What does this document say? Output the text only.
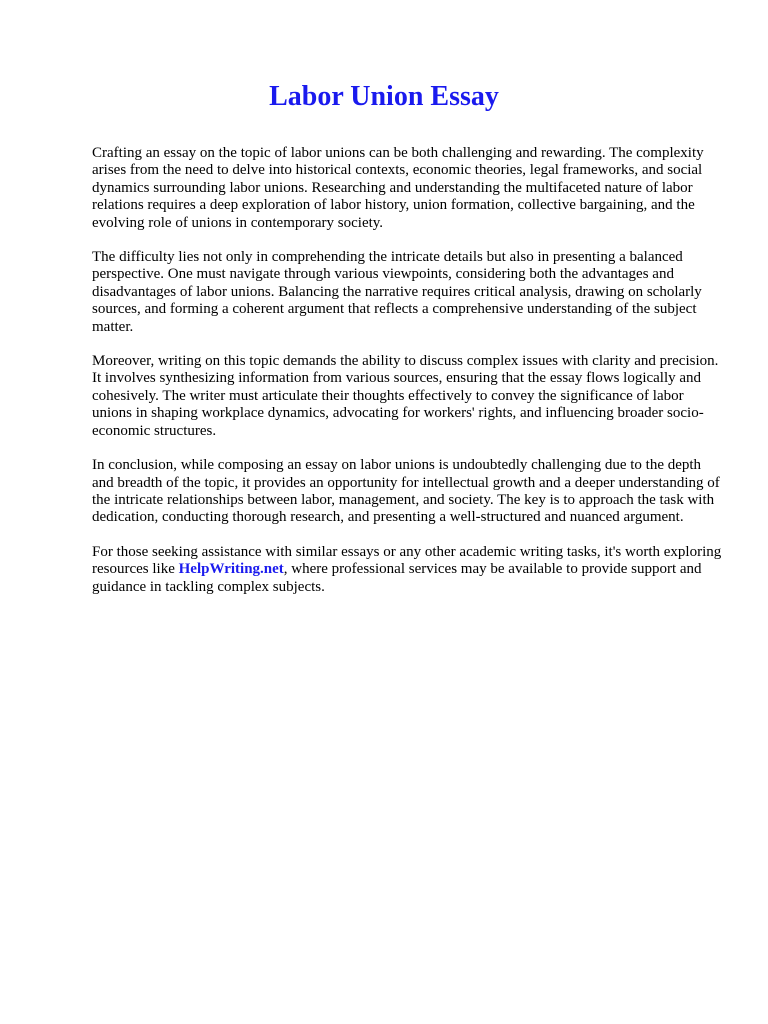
Labor Union Essay

Crafting an essay on the topic of labor unions can be both challenging and rewarding. The complexity arises from the need to delve into historical contexts, economic theories, legal frameworks, and social dynamics surrounding labor unions. Researching and understanding the multifaceted nature of labor relations requires a deep exploration of labor history, union formation, collective bargaining, and the evolving role of unions in contemporary society.

The difficulty lies not only in comprehending the intricate details but also in presenting a balanced perspective. One must navigate through various viewpoints, considering both the advantages and disadvantages of labor unions. Balancing the narrative requires critical analysis, drawing on scholarly sources, and forming a coherent argument that reflects a comprehensive understanding of the subject matter.

Moreover, writing on this topic demands the ability to discuss complex issues with clarity and precision. It involves synthesizing information from various sources, ensuring that the essay flows logically and cohesively. The writer must articulate their thoughts effectively to convey the significance of labor unions in shaping workplace dynamics, advocating for workers' rights, and influencing broader socio-economic structures.

In conclusion, while composing an essay on labor unions is undoubtedly challenging due to the depth and breadth of the topic, it provides an opportunity for intellectual growth and a deeper understanding of the intricate relationships between labor, management, and society. The key is to approach the task with dedication, conducting thorough research, and presenting a well-structured and nuanced argument.

For those seeking assistance with similar essays or any other academic writing tasks, it's worth exploring resources like HelpWriting.net, where professional services may be available to provide support and guidance in tackling complex subjects.
